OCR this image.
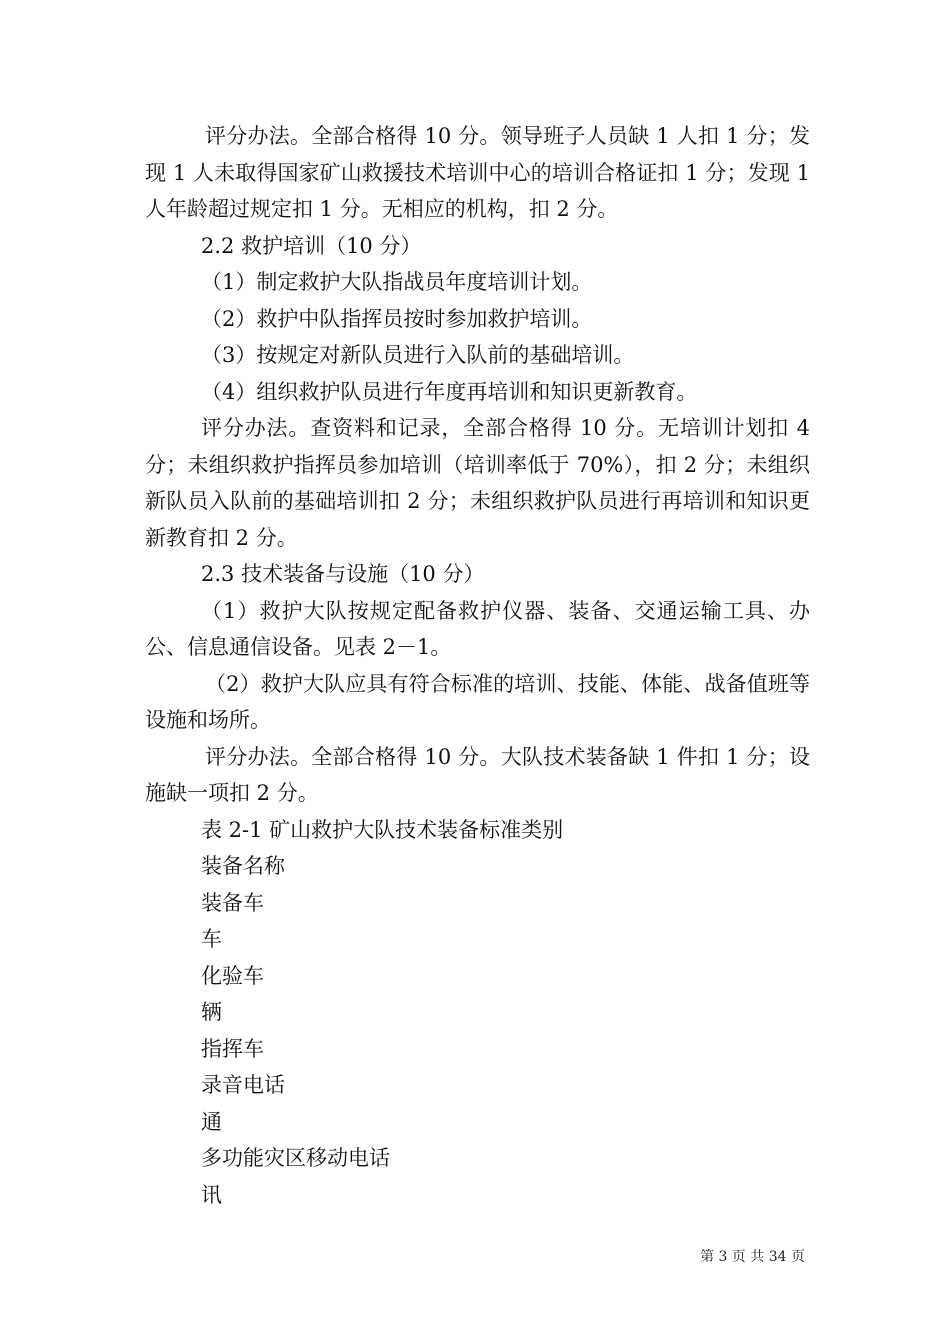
评分办法。全部合格得 10 分。领导班子人员缺 1 人扣 1 分；发现 1 人未取得国家矿山救援技术培训中心的培训合格证扣 1 分；发现 1 人年龄超过规定扣 1 分。无相应的机构，扣 2 分。

2.2 救护培训（10 分）

（1）制定救护大队指战员年度培训计划。

（2）救护中队指挥员按时参加救护培训。

（3）按规定对新队员进行入队前的基础培训。

（4）组织救护队员进行年度再培训和知识更新教育。

评分办法。查资料和记录，全部合格得 10 分。无培训计划扣 4 分；未组织救护指挥员参加培训（培训率低于 70%），扣 2 分；未组织新队员入队前的基础培训扣 2 分；未组织救护队员进行再培训和知识更新教育扣 2 分。

2.3 技术装备与设施（10 分）

（1）救护大队按规定配备救护仪器、装备、交通运输工具、办公、信息通信设备。见表 2－1。

（2）救护大队应具有符合标准的培训、技能、体能、战备值班等设施和场所。

评分办法。全部合格得 10 分。大队技术装备缺 1 件扣 1 分；设施缺一项扣 2 分。

表 2-1 矿山救护大队技术装备标准类别

装备名称

装备车

车

化验车

辆

指挥车

录音电话

通

多功能灾区移动电话

讯

第 3 页 共 34 页
